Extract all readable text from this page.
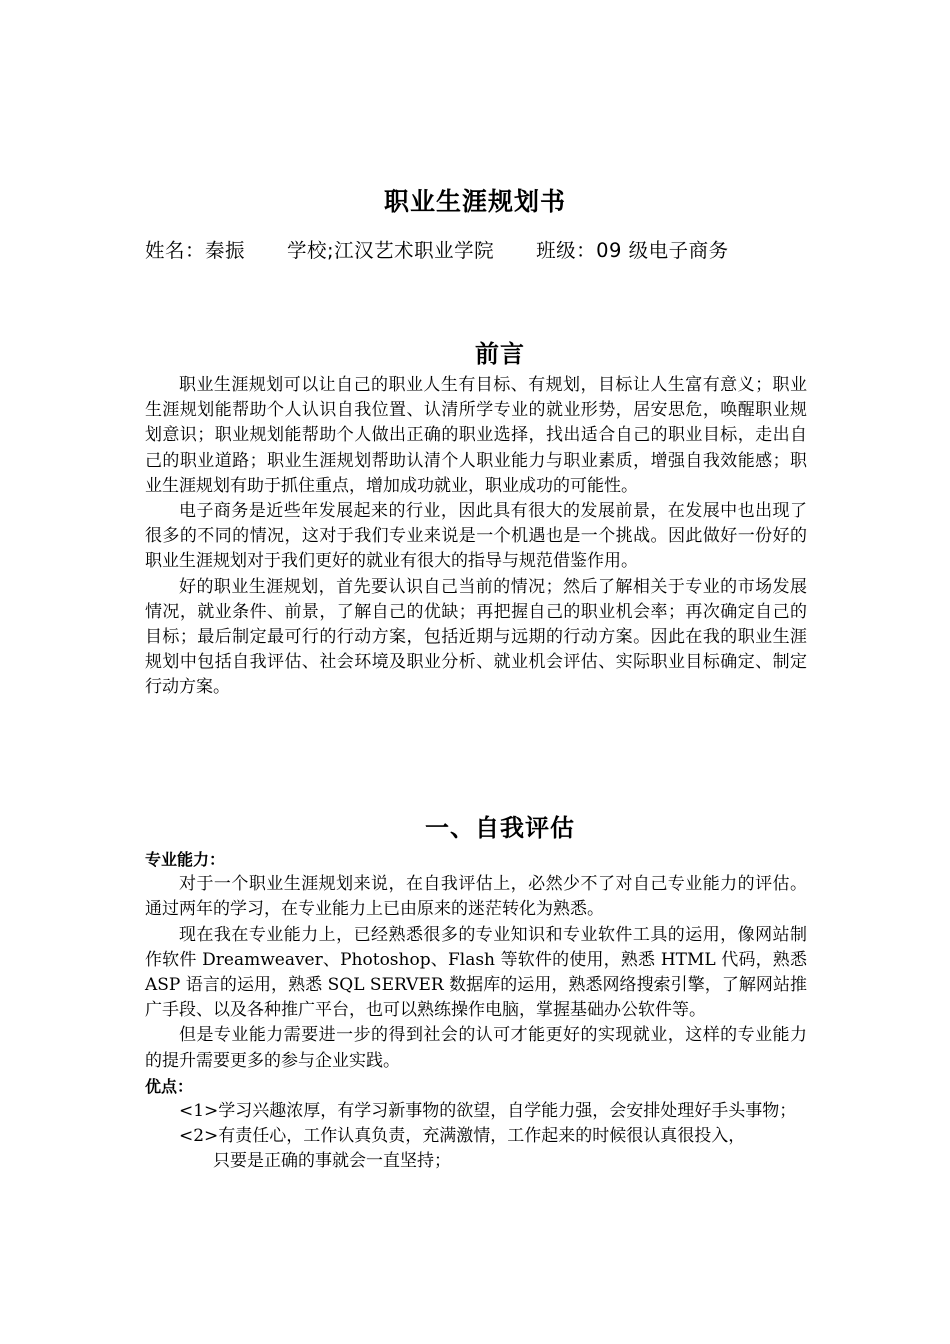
职业生涯规划书
姓名：秦振 学校;江汉艺术职业学院 班级：09 级电子商务
前言

职业生涯规划可以让自己的职业人生有目标、有规划，目标让人生富有意义；职业生涯规划能帮助个人认识自我位置、认清所学专业的就业形势，居安思危，唤醒职业规划意识；职业规划能帮助个人做出正确的职业选择，找出适合自己的职业目标，走出自己的职业道路；职业生涯规划帮助认清个人职业能力与职业素质，增强自我效能感；职业生涯规划有助于抓住重点，增加成功就业，职业成功的可能性。

电子商务是近些年发展起来的行业，因此具有很大的发展前景，在发展中也出现了很多的不同的情况，这对于我们专业来说是一个机遇也是一个挑战。因此做好一份好的职业生涯规划对于我们更好的就业有很大的指导与规范借鉴作用。

好的职业生涯规划，首先要认识自己当前的情况；然后了解相关于专业的市场发展情况，就业条件、前景，了解自己的优缺；再把握自己的职业机会率；再次确定自己的目标；最后制定最可行的行动方案，包括近期与远期的行动方案。因此在我的职业生涯规划中包括自我评估、社会环境及职业分析、就业机会评估、实际职业目标确定、制定行动方案。

一、自我评估
专业能力：

对于一个职业生涯规划来说，在自我评估上，必然少不了对自己专业能力的评估。通过两年的学习，在专业能力上已由原来的迷茫转化为熟悉。

现在我在专业能力上，已经熟悉很多的专业知识和专业软件工具的运用，像网站制作软件 Dreamweaver、Photoshop、Flash 等软件的使用，熟悉 HTML 代码，熟悉 ASP 语言的运用，熟悉 SQL SERVER 数据库的运用，熟悉网络搜索引擎，了解网站推广手段、以及各种推广平台，也可以熟练操作电脑，掌握基础办公软件等。

但是专业能力需要进一步的得到社会的认可才能更好的实现就业，这样的专业能力的提升需要更多的参与企业实践。

优点：

<1>学习兴趣浓厚，有学习新事物的欲望，自学能力强，会安排处理好手头事物；

<2>有责任心，工作认真负责，充满激情，工作起来的时候很认真很投入，

只要是正确的事就会一直坚持；
